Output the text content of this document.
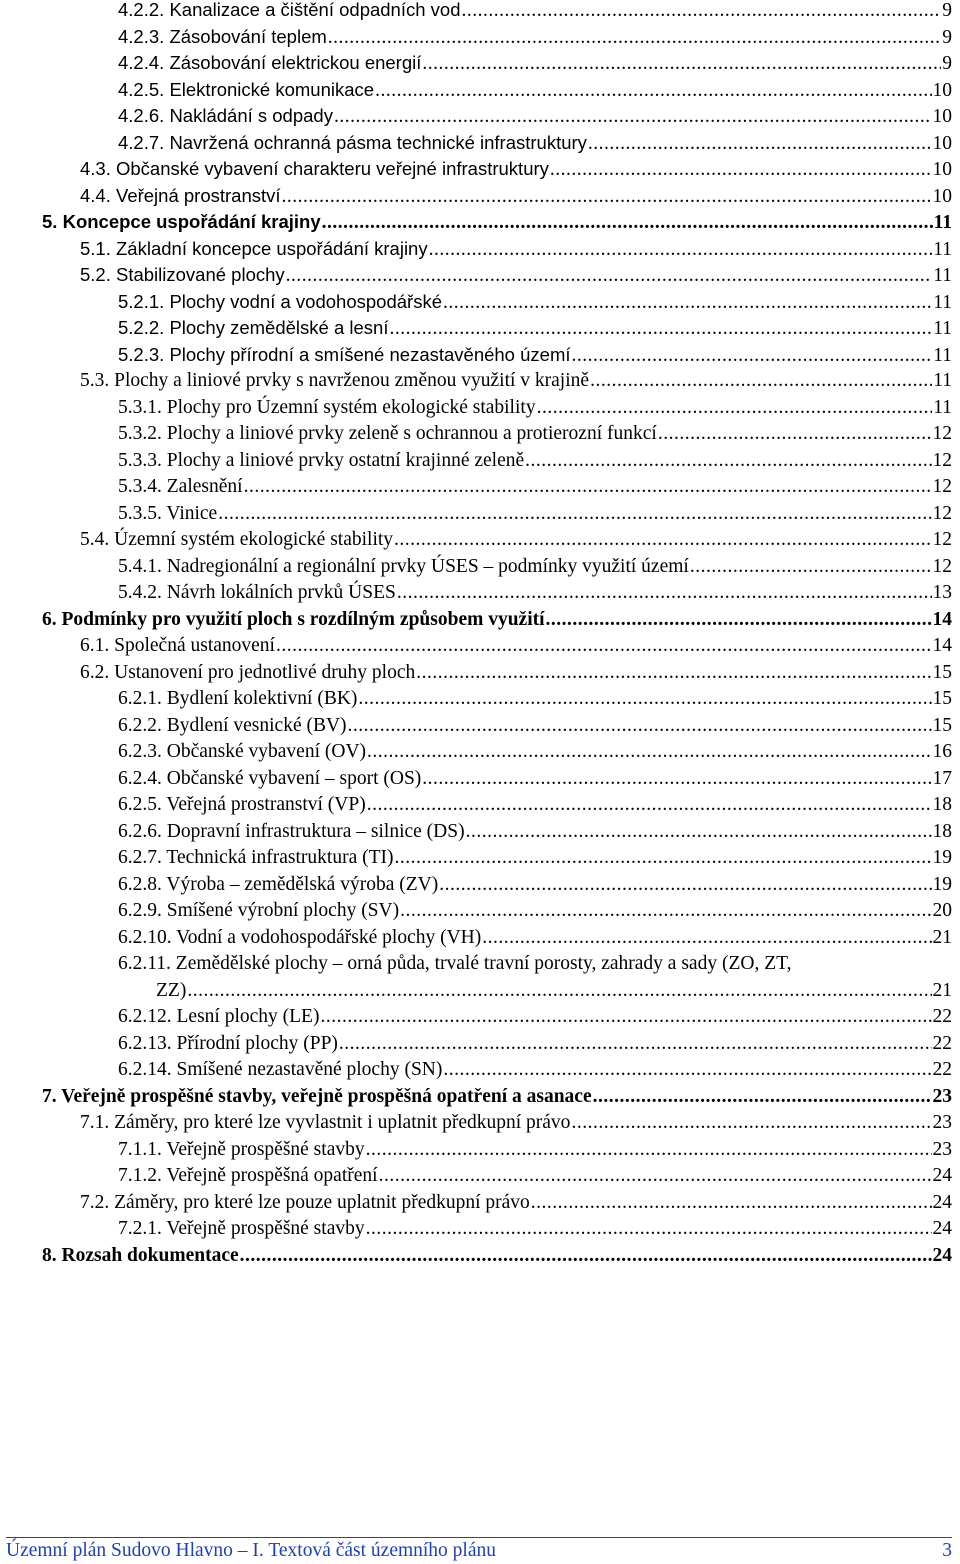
4.2.2. Kanalizace a čištění odpadních vod .....	9
4.2.3. Zásobování teplem .....	9
4.2.4. Zásobování elektrickou energií .....	9
4.2.5. Elektronické komunikace .....	10
4.2.6. Nakládání s odpady .....	10
4.2.7. Navržená ochranná pásma technické infrastruktury .....	10
4.3. Občanské vybavení charakteru veřejné infrastruktury .....	10
4.4. Veřejná prostranství .....	10
5. Koncepce uspořádání krajiny .....	11
5.1. Základní koncepce uspořádání krajiny .....	11
5.2. Stabilizované plochy .....	11
5.2.1. Plochy vodní a vodohospodářské .....	11
5.2.2. Plochy zemědělské a lesní .....	11
5.2.3. Plochy přírodní a smíšené nezastavěného území .....	11
5.3. Plochy a liniové prvky s navrženou změnou využití v krajině .....	11
5.3.1. Plochy pro Územní systém ekologické stability .....	11
5.3.2. Plochy a liniové prvky zeleně s ochrannou a protierozní funkcí .....	12
5.3.3. Plochy a liniové prvky ostatní krajinné zeleně .....	12
5.3.4. Zalesnění .....	12
5.3.5. Vinice .....	12
5.4. Územní systém ekologické stability .....	12
5.4.1. Nadregionální a regionální prvky ÚSES – podmínky využití území .....	12
5.4.2. Návrh lokálních prvků ÚSES .....	13
6. Podmínky pro využití ploch s rozdílným způsobem využití .....	14
6.1. Společná ustanovení .....	14
6.2. Ustanovení pro jednotlivé druhy ploch .....	15
6.2.1. Bydlení kolektivní (BK) .....	15
6.2.2. Bydlení vesnické (BV) .....	15
6.2.3. Občanské vybavení (OV) .....	16
6.2.4. Občanské vybavení – sport (OS) .....	17
6.2.5. Veřejná prostranství (VP) .....	18
6.2.6. Dopravní infrastruktura – silnice (DS) .....	18
6.2.7. Technická infrastruktura (TI) .....	19
6.2.8. Výroba – zemědělská výroba (ZV) .....	19
6.2.9. Smíšené výrobní plochy (SV) .....	20
6.2.10. Vodní a vodohospodářské plochy (VH) .....	21
6.2.11. Zemědělské plochy – orná půda, trvalé travní porosty, zahrady a sady (ZO, ZT,
ZZ) .....	21
6.2.12. Lesní plochy (LE) .....	22
6.2.13. Přírodní plochy (PP) .....	22
6.2.14. Smíšené nezastavěné plochy (SN) .....	22
7. Veřejně prospěšné stavby, veřejně prospěšná opatření a asanace .....	23
7.1. Záměry, pro které lze vyvlastnit i uplatnit předkupní právo .....	23
7.1.1. Veřejně prospěšné stavby .....	23
7.1.2. Veřejně prospěšná opatření .....	24
7.2. Záměry, pro které lze pouze uplatnit předkupní právo .....	24
7.2.1. Veřejně prospěšné stavby .....	24
8. Rozsah dokumentace .....	24
Územní plán Sudovo Hlavno – I. Textová část územního plánu	3
